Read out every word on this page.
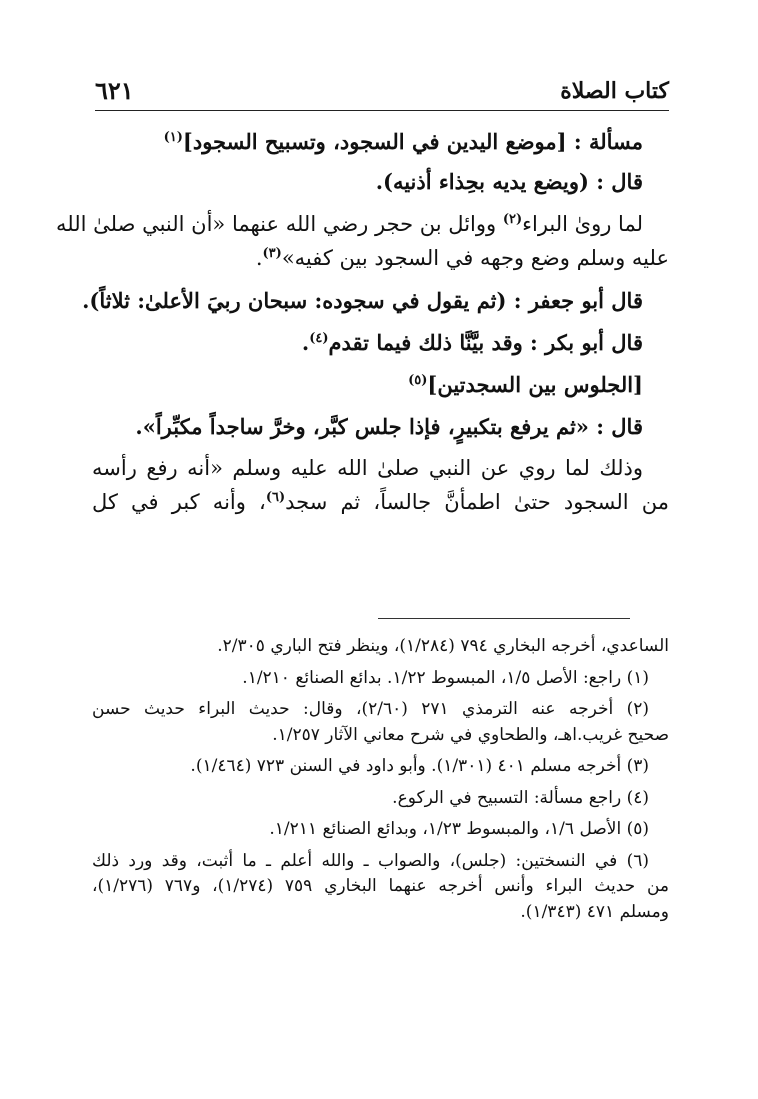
كتاب الصلاة
٦٢١
مسألة : [موضع اليدين في السجود، وتسبيح السجود]$^{(١)}$
قال : (ويضع يديه بحِذاء أذنيه).
لما روىٰ البراء$^{(٢)}$ ووائل بن حجر رضي الله عنهما «أن النبي صلىٰ الله
عليه وسلم وضع وجهه في السجود بين كفيه»$^{(٣)}$.
قال أبو جعفر : (ثم يقول في سجوده: سبحان ربيَ الأعلىٰ: ثلاثاً).
قال أبو بكر : وقد بيَّنَّا ذلك فيما تقدم$^{(٤)}$.
[الجلوس بين السجدتين]$^{(٥)}$
قال : «ثم يرفع بتكبيرٍ، فإذا جلس كبَّر، وخرَّ ساجداً مكبِّراً».
وذلك لما روي عن النبي صلىٰ الله عليه وسلم «أنه رفع رأسه
من السجود حتىٰ اطمأنَّ جالساً، ثم سجد$^{(٦)}$، وأنه كبر في كل
الساعدي، أخرجه البخاري ٧٩٤ (١/٢٨٤)، وينظر فتح الباري ٢/٣٠٥.
(١) راجع: الأصل ١/٥، المبسوط ١/٢٢. بدائع الصنائع ١/٢١٠.
(٢) أخرجه عنه الترمذي ٢٧١ (٢/٦٠)، وقال: حديث البراء حديث حسن
صحيح غريب.اهـ، والطحاوي في شرح معاني الآثار ١/٢٥٧.
(٣) أخرجه مسلم ٤٠١ (١/٣٠١). وأبو داود في السنن ٧٢٣ (١/٤٦٤).
(٤) راجع مسألة: التسبيح في الركوع.
(٥) الأصل ١/٦، والمبسوط ١/٢٣، وبدائع الصنائع ١/٢١١.
(٦) في النسختين: (جلس)، والصواب ـ والله أعلم ـ ما أثبت، وقد ورد ذلك
من حديث البراء وأنس أخرجه عنهما البخاري ٧٥٩ (١/٢٧٤)، و٧٦٧ (١/٢٧٦)،
ومسلم ٤٧١ (١/٣٤٣).
